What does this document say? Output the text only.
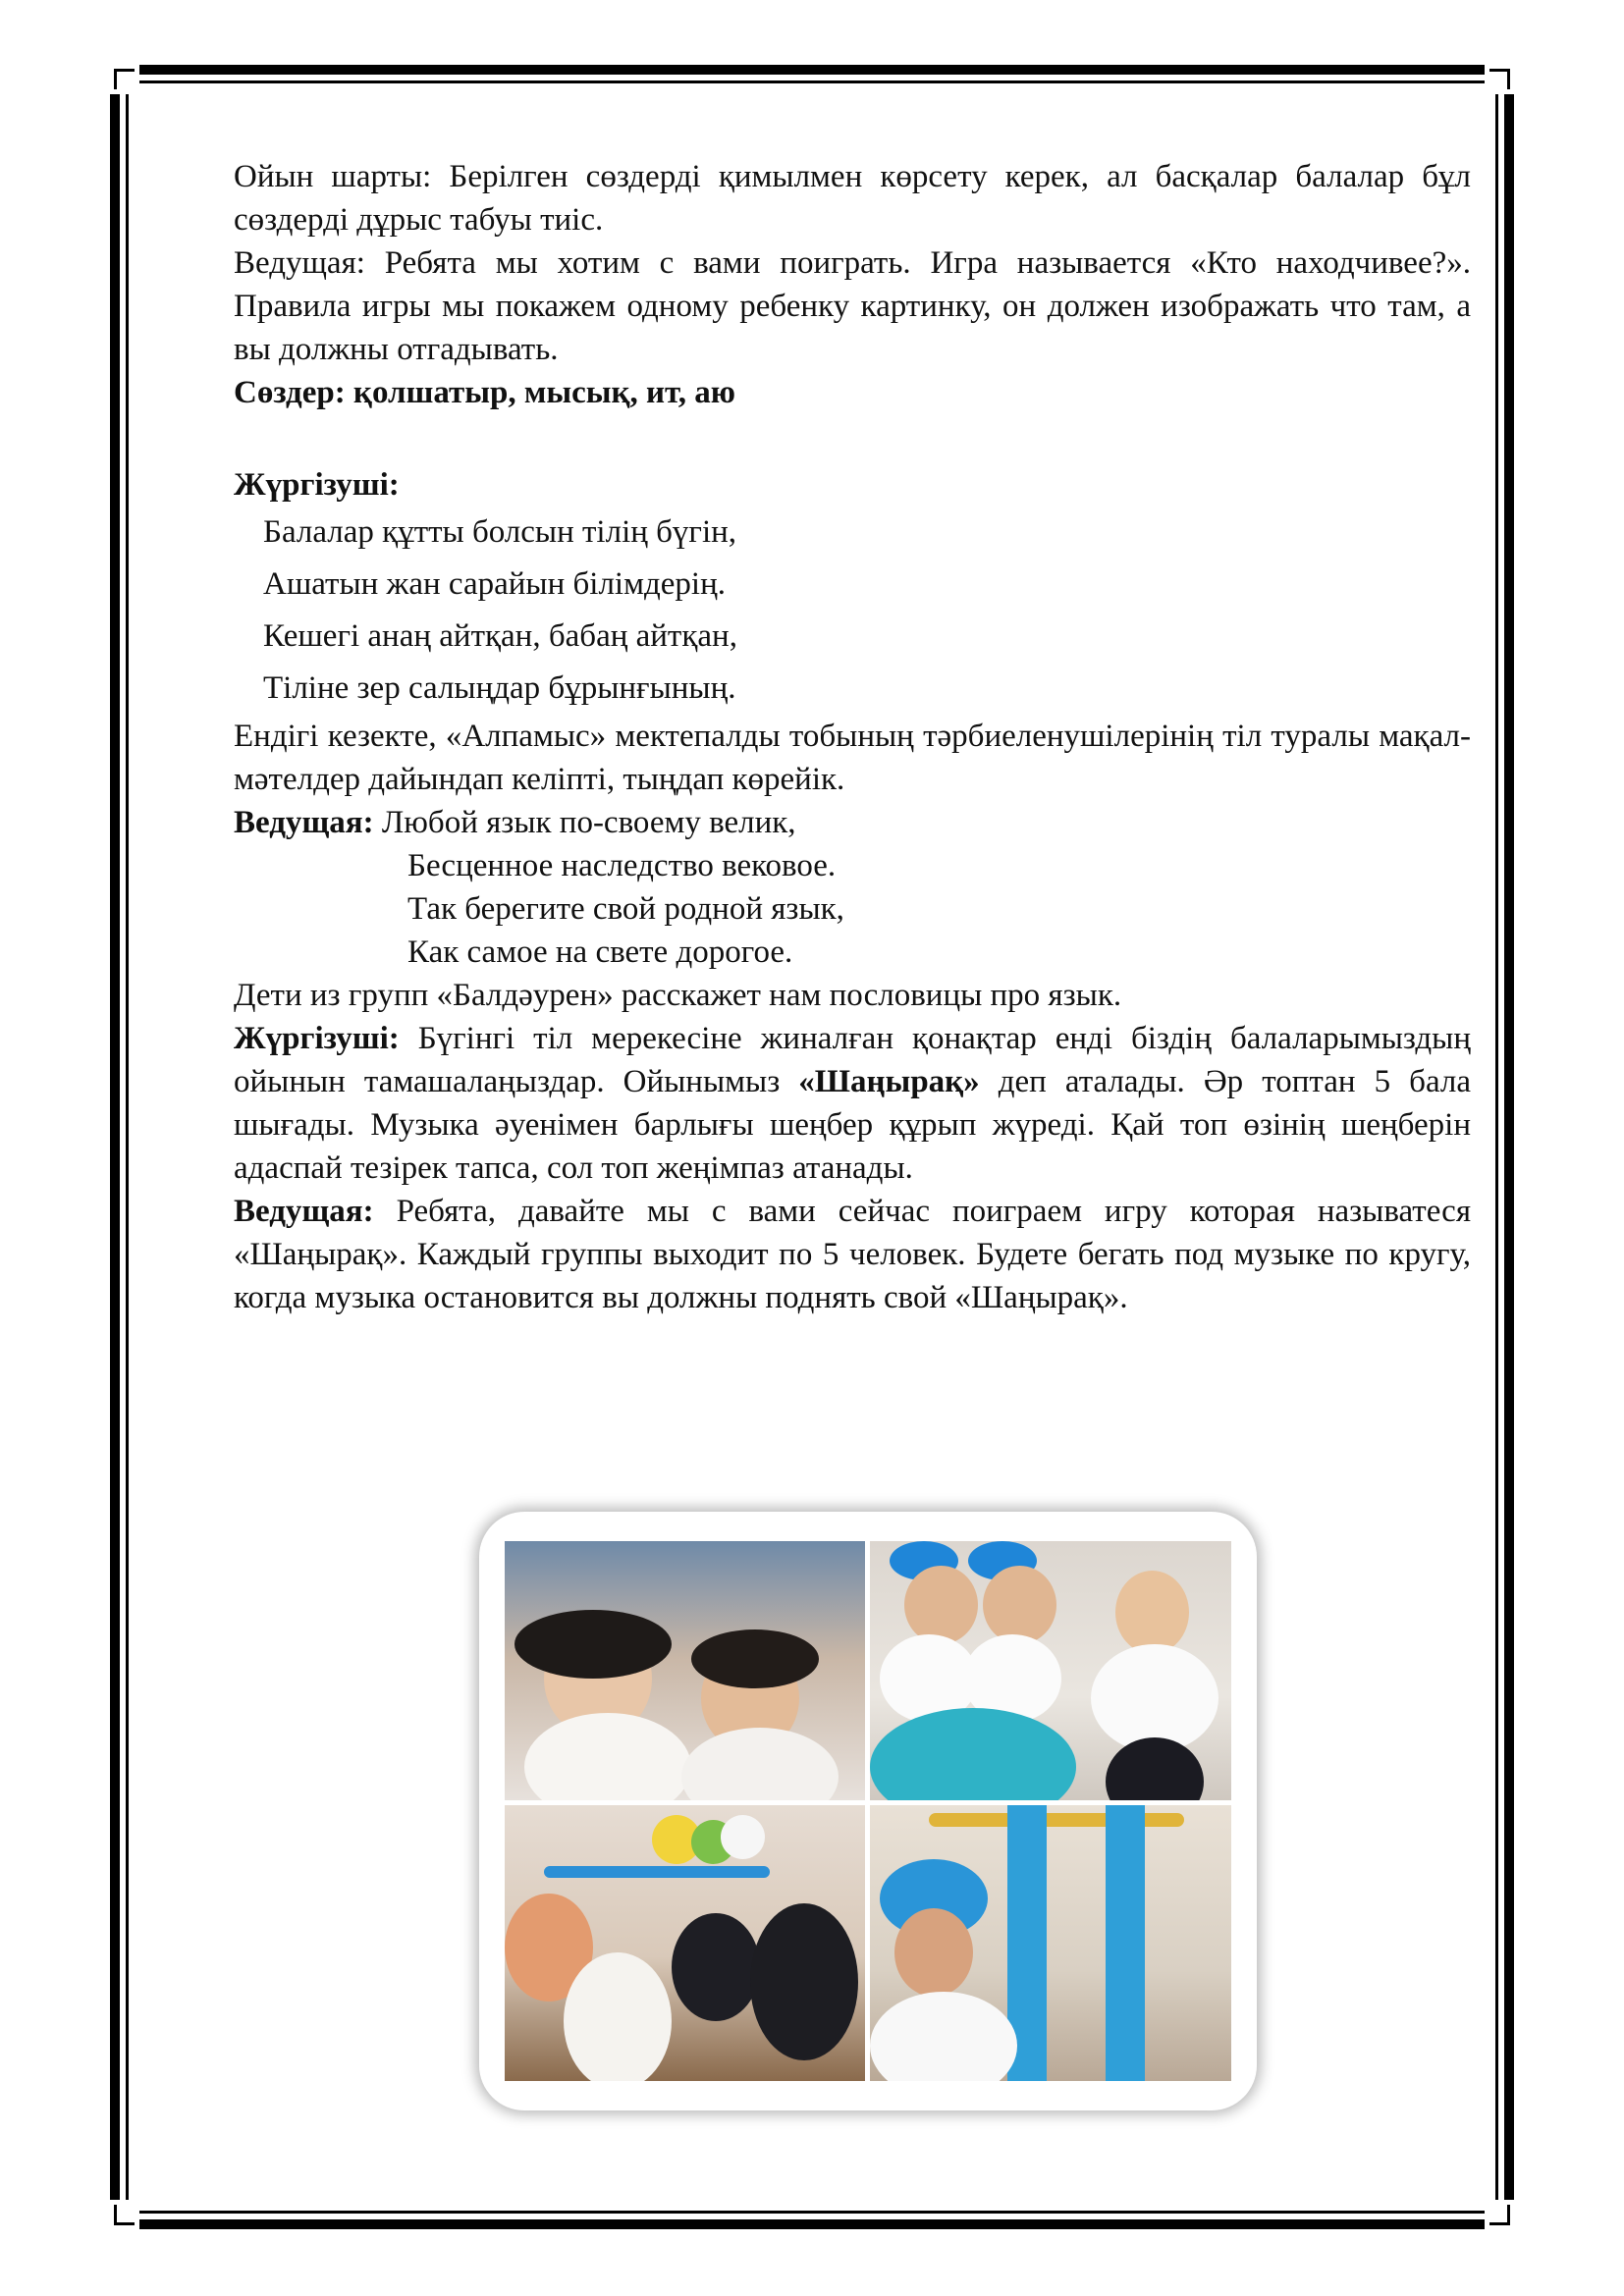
Ойын шарты: Берілген сөздерді қимылмен көрсету керек, ал басқалар балалар бұл сөздерді дұрыс табуы тиіс.

Ведущая: Ребята мы хотим с вами поиграть. Игра называется «Кто находчивее?». Правила игры мы покажем одному ребенку картинку, он должен изображать что там, а вы должны отгадывать.

Сөздер: қолшатыр, мысық, ит, аю

Жүргізуші:

Балалар құтты болсын тілің бүгін,

Ашатын жан сарайын білімдерің.

Кешегі анаң айтқан, бабаң айтқан,

Тіліне зер салыңдар бұрынғының.

Ендігі кезекте, «Алпамыс» мектепалды тобының тәрбиеленушілерінің тіл туралы мақал-мәтелдер дайындап келіпті, тыңдап көрейік.

Ведущая: Любой язык по-своему велик,

Бесценное наследство вековое.

Так берегите свой родной язык,

Как самое на свете дорогое.

Дети из групп «Балдәурен» расскажет нам пословицы про язык.

Жүргізуші: Бүгінгі тіл мерекесіне жиналған қонақтар енді біздің балаларымыздың ойынын тамашалаңыздар. Ойынымыз «Шаңырақ» деп аталады. Әр топтан 5 бала шығады. Музыка әуенімен барлығы шеңбер құрып жүреді. Қай топ өзінің шеңберін адаспай тезірек тапса, сол топ жеңімпаз атанады.

Ведущая: Ребята, давайте мы с вами сейчас поиграем игру которая называтеся «Шаңырақ». Каждый группы выходит по 5 человек. Будете бегать под музыке по кругу, когда музыка остановится вы должны поднять свой «Шаңырақ».
